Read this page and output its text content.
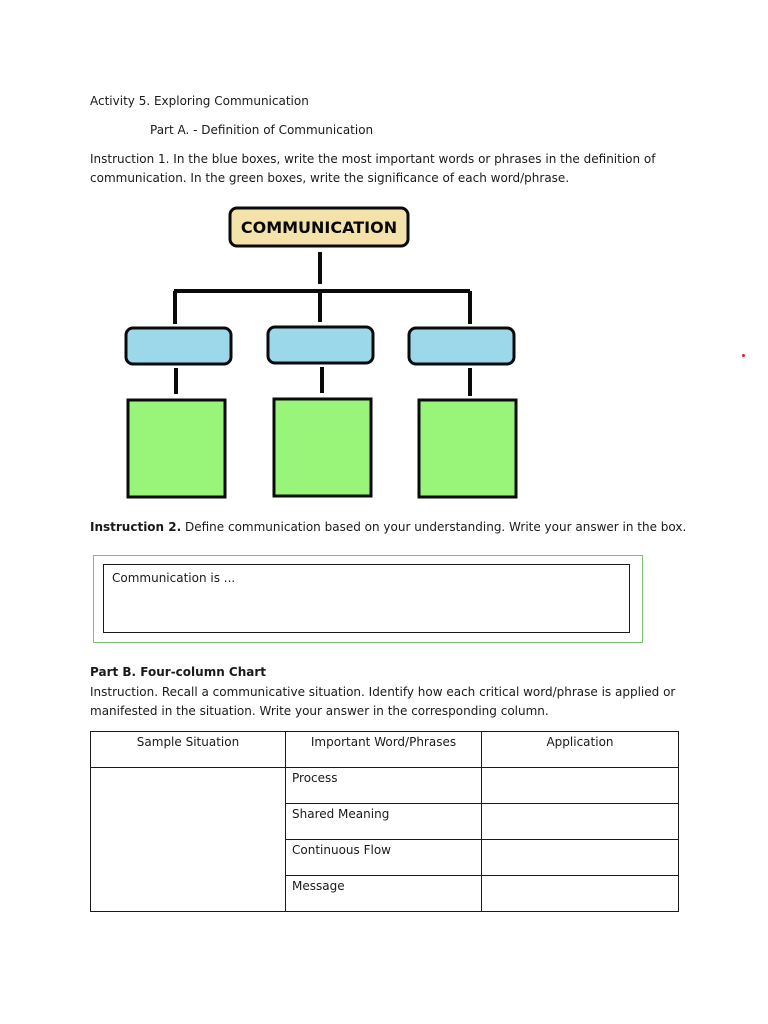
Activity 5. Exploring Communication
Part A. - Definition of Communication
Instruction 1. In the blue boxes, write the most important words or phrases in the definition of
communication. In the green boxes, write the significance of each word/phrase.
COMMUNICATION
Instruction 2. Define communication based on your understanding. Write your answer in the box.
Communication is ...
Part B. Four-column Chart
Instruction. Recall a communicative situation. Identify how each critical word/phrase is applied or
manifested in the situation. Write your answer in the corresponding column.
Sample Situation	Important Word/Phrases	Application
	Process	
	Shared Meaning	
	Continuous Flow	
	Message	
